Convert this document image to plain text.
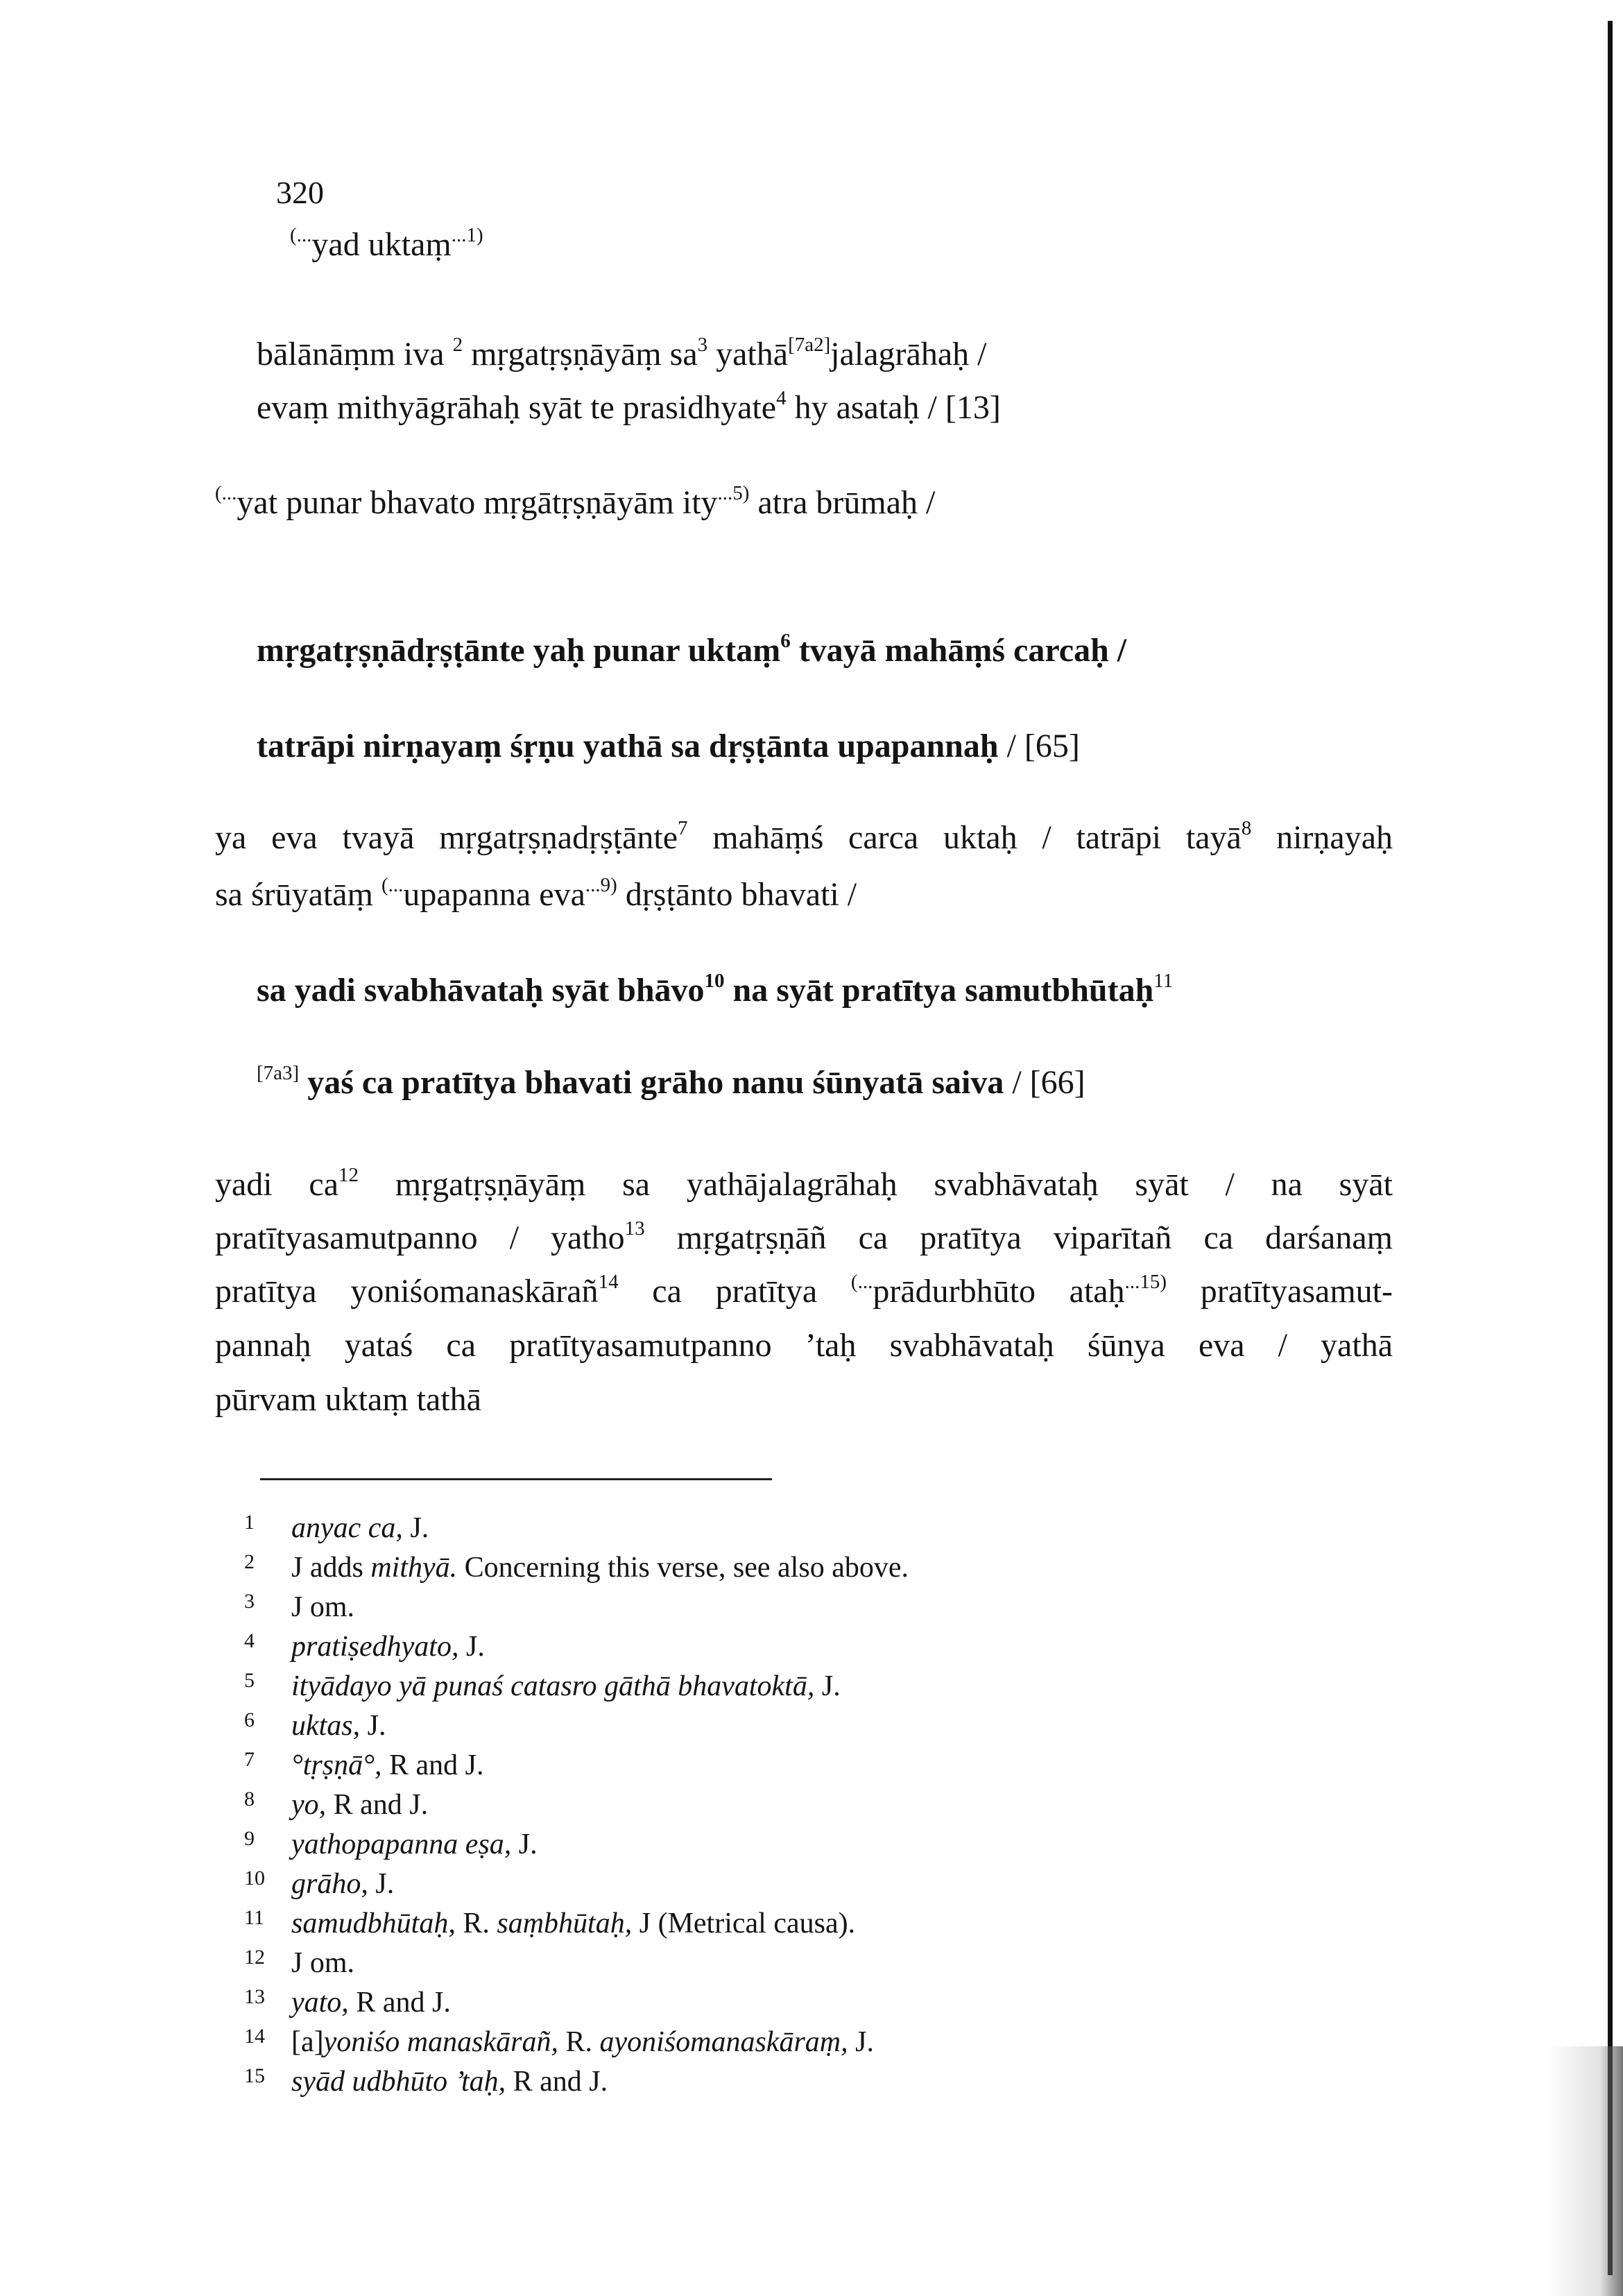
320
(...yad uktaṃ$^{...1)}$
bālānāṃm iva $^2$ mṛgatṛṣṇāyāṃ $sa^3$ yathā[7a2]jalagrāhaḥ /
evaṃ mithyāgrāhaḥ syāt te prasidhyate$^4$ hy asataḥ / [13]
(...yat punar bhavato mṛgātṛṣṇāyām ity$^{...5)}$ atra brūmaḥ /
mṛgatṛṣṇādṛṣṭānte yaḥ punar uktaṃ$^6$ tvayā mahāṃś carcaḥ /
tatrāpi nirṇayaṃ śṛṇu yathā sa dṛṣṭānta upapannaḥ / [65]
ya eva tvayā mṛgatṛṣṇadṛṣṭānte$^7$ mahāṃś carca uktaḥ / tatrāpi tayā$^8$ nirṇayaḥ
sa śrūyatāṃ (...upapanna eva$^{...9)}$ dṛṣṭānto bhavati /
sa yadi svabhāvataḥ syāt bhāvo$^{10}$ na syāt pratītya samutbhūtaḥ$^{11}$
[7a3] yaś ca pratītya bhavati grāho nanu śūnyatā saiva / [66]
yadi $ca^{12}$ mṛgatṛṣṇāyāṃ sa yathājalagrāhaḥ svabhāvataḥ syāt / na syāt
pratītyasamutpanno / yatho$^{13}$ mṛgatṛṣṇāñ ca pratītya viparītañ ca darśanaṃ
pratītya yoniśomanaskārañ$^{14}$ ca pratītya (...prādurbhūto ataḥ$^{...15)}$ pratītyasamut-
pannaḥ yataś ca pratītyasamutpanno ’taḥ svabhāvataḥ śūnya eva / yathā
pūrvam uktaṃ tathā
1 anyac ca, J.
2 J adds mithyā. Concerning this verse, see also above.
3 J om.
4 pratiṣedhyato, J.
5 ityādayo yā punaś catasro gāthā bhavatoktā, J.
6 uktas, J.
7 °tṛṣṇā°, R and J.
8 yo, R and J.
9 yathopapanna eṣa, J.
10 grāho, J.
11 samudbhūtaḥ, R. saṃbhūtaḥ, J (Metrical causa).
12 J om.
13 yato, R and J.
14 [a]yoniśo manaskārañ, R. ayoniśomanaskāraṃ, J.
15 syād udbhūto ’taḥ, R and J.
